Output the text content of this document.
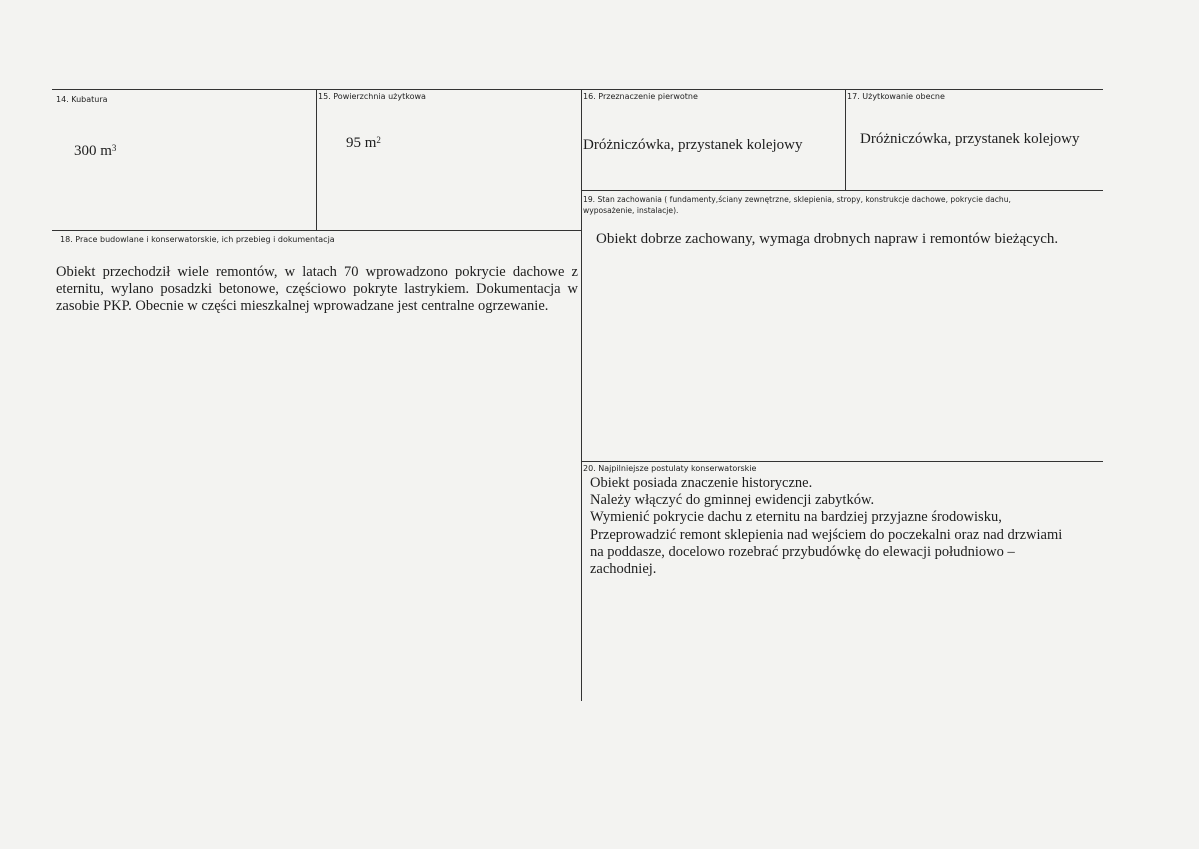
14. Kubatura
300 $m^3$
15. Powierzchnia użytkowa
95 $m^2$
16. Przeznaczenie pierwotne
Dróżniczówka, przystanek kolejowy
17. Użytkowanie obecne
Dróżniczówka, przystanek kolejowy
18. Prace budowlane i konserwatorskie, ich przebieg i dokumentacja
Obiekt przechodził wiele remontów, w latach 70 wprowadzono pokrycie dachowe z eternitu, wylano posadzki betonowe, częściowo pokryte lastrykiem. Dokumentacja w zasobie PKP. Obecnie w części mieszkalnej wprowadzane jest centralne ogrzewanie.
19. Stan zachowania ( fundamenty,ściany zewnętrzne, sklepienia, stropy, konstrukcje dachowe, pokrycie dachu,
wyposażenie, instalacje).
Obiekt dobrze zachowany, wymaga drobnych napraw i remontów bieżących.
20. Najpilniejsze postulaty konserwatorskie
Obiekt posiada znaczenie historyczne.
Należy włączyć do gminnej ewidencji zabytków.
Wymienić pokrycie dachu z eternitu na bardziej przyjazne środowisku,
Przeprowadzić remont sklepienia nad wejściem do poczekalni oraz nad drzwiami
na poddasze, docelowo rozebrać przybudówkę do elewacji południowo –
zachodniej.
